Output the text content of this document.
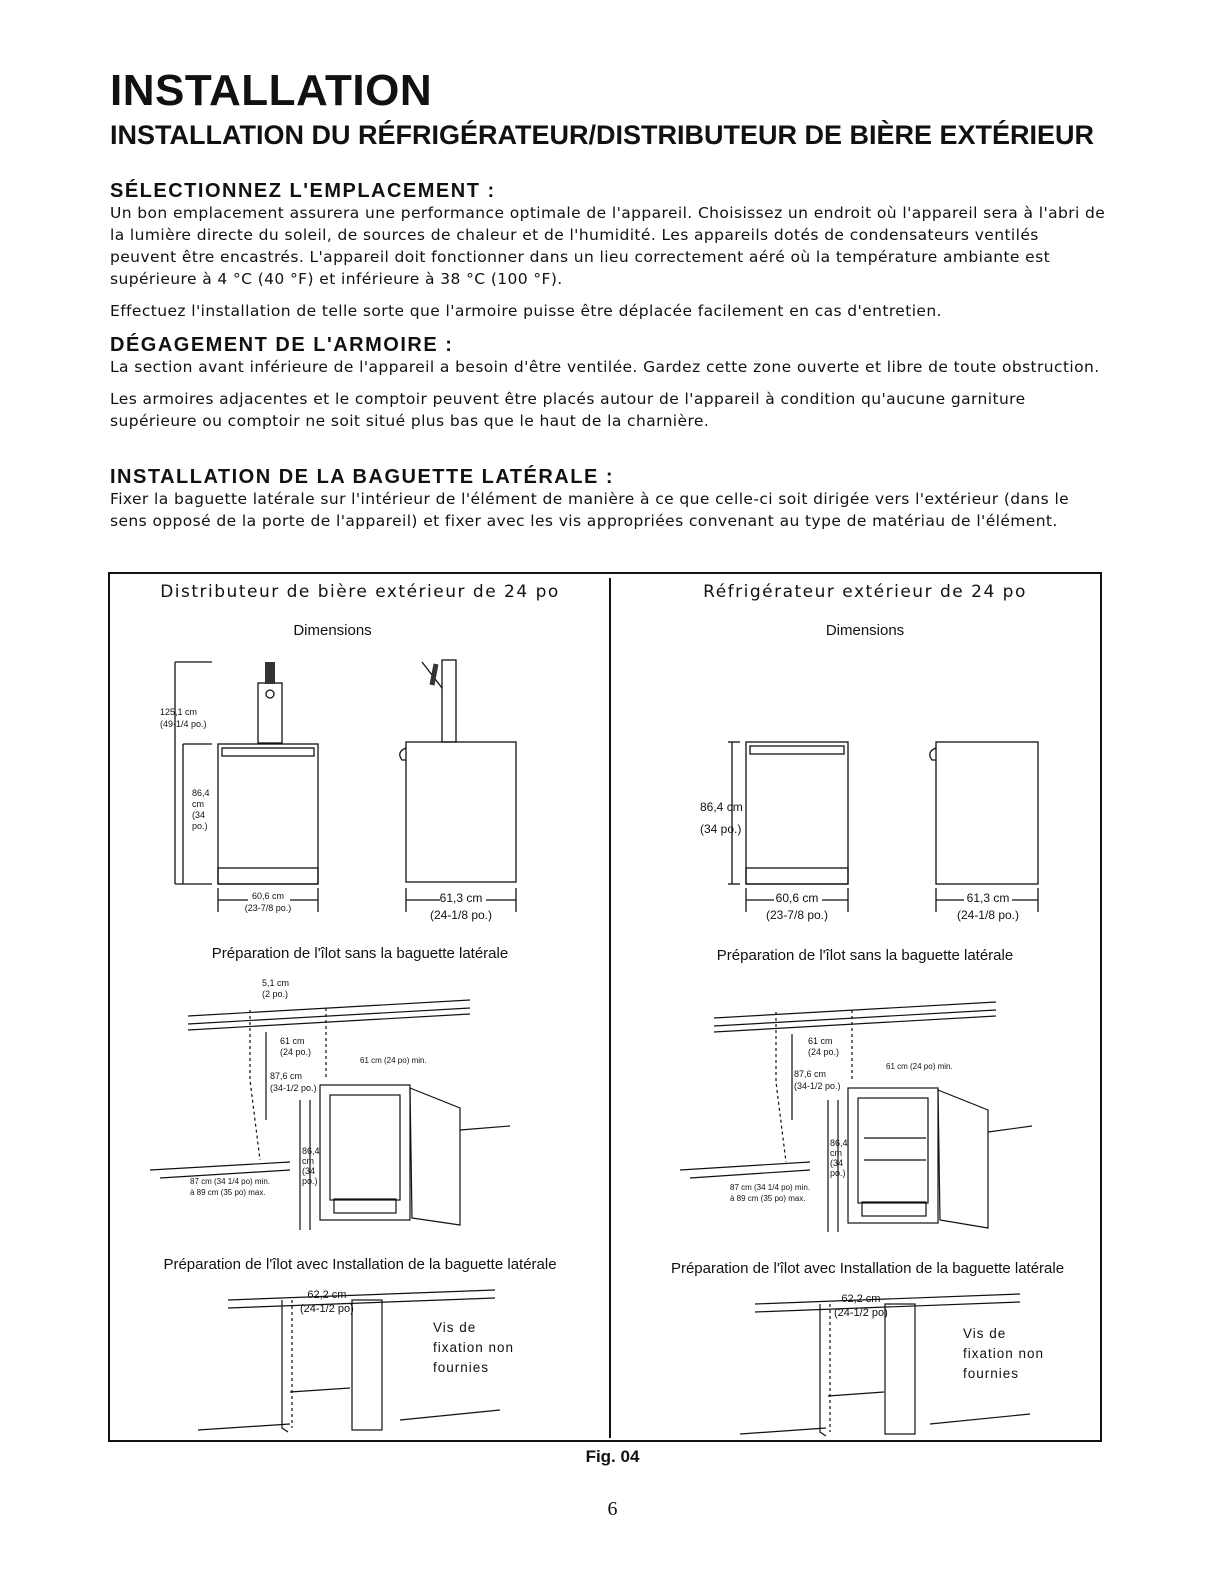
INSTALLATION
INSTALLATION DU RÉFRIGÉRATEUR/DISTRIBUTEUR DE BIÈRE EXTÉRIEUR
SÉLECTIONNEZ L'EMPLACEMENT :

Un bon emplacement assurera une performance optimale de l'appareil. Choisissez un endroit où l'appareil sera à l'abri de la lumière directe du soleil, de sources de chaleur et de l'humidité. Les appareils dotés de condensateurs ventilés peuvent être encastrés. L'appareil doit fonctionner dans un lieu correctement aéré où la température ambiante est supérieure à 4 °C (40 °F) et inférieure à 38 °C (100 °F).

Effectuez l'installation de telle sorte que l'armoire puisse être déplacée facilement en cas d'entretien.

DÉGAGEMENT DE L'ARMOIRE :

La section avant inférieure de l'appareil a besoin d'être ventilée. Gardez cette zone ouverte et libre de toute obstruction.

Les armoires adjacentes et le comptoir peuvent être placés autour de l'appareil à condition qu'aucune garniture supérieure ou comptoir ne soit situé plus bas que le haut de la charnière.

INSTALLATION DE LA BAGUETTE LATÉRALE :

Fixer la baguette latérale sur l'intérieur de l'élément de manière à ce que celle-ci soit dirigée vers l'extérieur (dans le sens opposé de la porte de l'appareil) et fixer avec les vis appropriées convenant au type de matériau de l'élément.

Distributeur de bière extérieur de 24 po
Dimensions
125,1 cm
(49-1/4 po.)
86,4
cm
(34
po.)
60,6 cm
(23-7/8 po.)
61,3 cm
(24-1/8 po.)
Préparation de l'îlot sans la baguette latérale
5,1 cm
(2 po.)
61 cm
(24 po.)
61 cm (24 po) min.
87,6 cm
(34-1/2 po.)
86,4
cm
(34
po.)
87 cm (34 1/4 po) min.
à 89 cm (35 po) max.
Préparation de l'îlot avec Installation de la baguette latérale
62,2 cm
(24-1/2 po)
Vis de
fixation non
fournies
Réfrigérateur extérieur de 24 po
Dimensions
86,4 cm
(34 po.)
60,6 cm
(23-7/8 po.)
61,3 cm
(24-1/8 po.)
Préparation de l'îlot sans la baguette latérale
61 cm
(24 po.)
61 cm (24 po) min.
87,6 cm
(34-1/2 po.)
86,4
cm
(34
po.)
87 cm (34 1/4 po) min.
à 89 cm (35 po) max.
Préparation de l'îlot avec Installation de la baguette latérale
62,2 cm
(24-1/2 po)
Vis de
fixation non
fournies
Fig. 04
6
